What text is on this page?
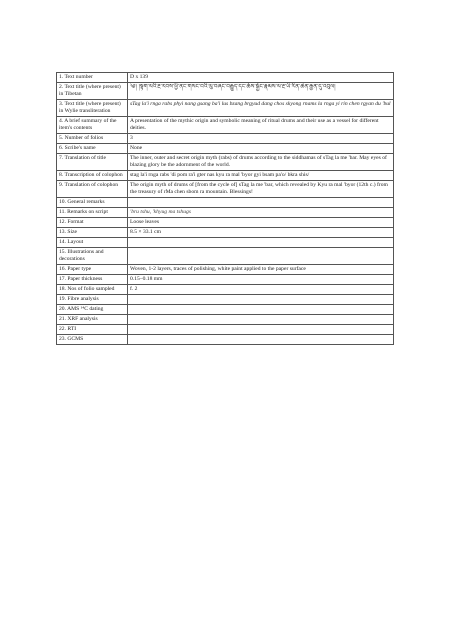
1. Text number	D x 139
2. Text title (where present) in Tibetan	༄། །སྟག་ལའི་རྔ་རབས་ཕྱི་ནང་གསང་བའི་ལུ་བཞང་བརྒྱུད་དང་ཆོས་སྐྱོང་རྣམས་ལ་རྔ་ཡི་རིན་ཆེན་རྒྱན་དུ་འབུལ།
3. Text title (where present) in Wylie transliteration	sTag la'i rnga rabs phyi nang gsang ba'i lus bzang brgyud dang chos skyong rnams la rnga yi rin chen rgyan du 'bul
4. A brief summary of the item's contents	A presentation of the mythic origin and symbolic meaning of ritual drums and their use as a vessel for different deities.
5. Number of folios	3
6. Scribe's name	None
7. Translation of title	The inner, outer and secret origin myth (rabs) of drums according to the siddhamas of sTag la me 'bar. May eyes of blazing glory be the adornment of the world.
8. Transcription of colophon	stag la'i rnga rabs 'di pom ra'i gter nas kyu ra mal 'byor gyi bsam pa'o/ bkra shis/
9. Translation of colophon	The origin myth of drums of [from the cycle of] sTag la me 'bar, which revealed by Kyu ra mal 'byor (12th c.) from the treasury of rMa chen sbom ra mountain. Blessings!
10. General remarks	
11. Remarks on script	'bru tshu, 'khyug ma tshugs
12. Format	Loose leaves
13. Size	8.5 × 33.1 cm
14. Layout	
15. Illustrations and decorations	
16. Paper type	Woven, 1-2 layers, traces of polishing, white paint applied to the paper surface
17. Paper thickness	0.15–0.18 mm
18. Nos of folio sampled	f. 2
19. Fibre analysis	
20. AMS ¹⁴C dating	
21. XRF analysis	
22. RTI	
23. GCMS	
